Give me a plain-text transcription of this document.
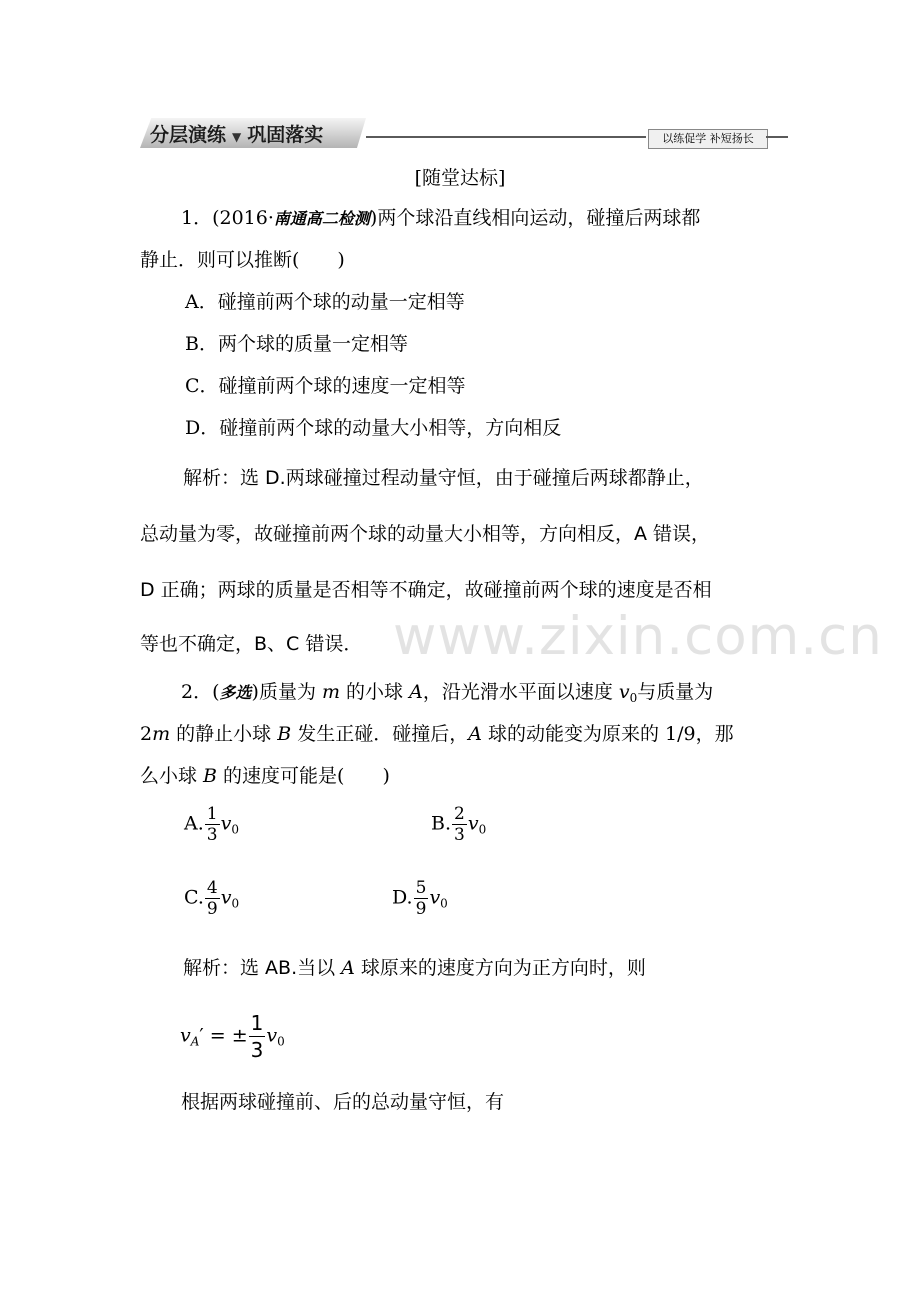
分层演练 ▼ 巩固落实	以练促学 补短扬长
[随堂达标]
1．(2016·南通高二检测)两个球沿直线相向运动，碰撞后两球都
静止．则可以推断(　　)
A．碰撞前两个球的动量一定相等
B．两个球的质量一定相等
C．碰撞前两个球的速度一定相等
D．碰撞前两个球的动量大小相等，方向相反
解析：选 D.两球碰撞过程动量守恒，由于碰撞后两球都静止，
总动量为零，故碰撞前两个球的动量大小相等，方向相反，A 错误，
D 正确；两球的质量是否相等不确定，故碰撞前两个球的速度是否相
等也不确定，B、C 错误． www.zixin.com.cn
2．(多选)质量为 m 的小球 A，沿光滑水平面以速度 $v_0$与质量为
2m 的静止小球 B 发生正碰．碰撞后，A 球的动能变为原来的 1/9，那
么小球 B 的速度可能是(　　)
A. $\frac{1}{3} v_0$	B. $\frac{2}{3} v_0$
C. $\frac{4}{9} v_0$	D. $\frac{5}{9} v_0$
解析：选 AB.当以 A 球原来的速度方向为正方向时，则
$v_A'$ = ± $\frac{1}{3} v_0$
根据两球碰撞前、后的总动量守恒，有
